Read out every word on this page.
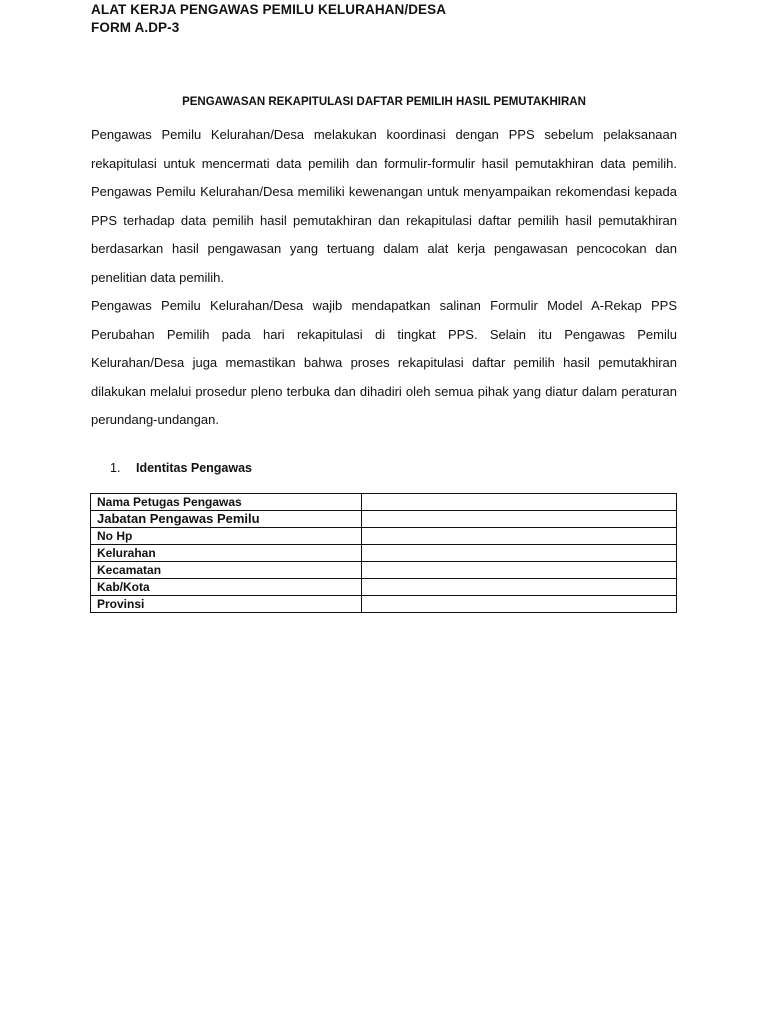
ALAT KERJA PENGAWAS PEMILU KELURAHAN/DESA
FORM A.DP-3
PENGAWASAN REKAPITULASI DAFTAR PEMILIH HASIL PEMUTAKHIRAN

Pengawas Pemilu Kelurahan/Desa melakukan koordinasi dengan PPS sebelum pelaksanaan rekapitulasi untuk mencermati data pemilih dan formulir-formulir hasil pemutakhiran data pemilih. Pengawas Pemilu Kelurahan/Desa memiliki kewenangan untuk menyampaikan rekomendasi kepada PPS terhadap data pemilih hasil pemutakhiran dan rekapitulasi daftar pemilih hasil pemutakhiran berdasarkan hasil pengawasan yang tertuang dalam alat kerja pengawasan pencocokan dan penelitian data pemilih.

Pengawas Pemilu Kelurahan/Desa wajib mendapatkan salinan Formulir Model A-Rekap PPS Perubahan Pemilih pada hari rekapitulasi di tingkat PPS. Selain itu Pengawas Pemilu Kelurahan/Desa juga memastikan bahwa proses rekapitulasi daftar pemilih hasil pemutakhiran dilakukan melalui prosedur pleno terbuka dan dihadiri oleh semua pihak yang diatur dalam peraturan perundang-undangan.

1. Identitas Pengawas
Nama Petugas Pengawas	
Jabatan Pengawas Pemilu	
No Hp	
Kelurahan	
Kecamatan	
Kab/Kota	
Provinsi	
